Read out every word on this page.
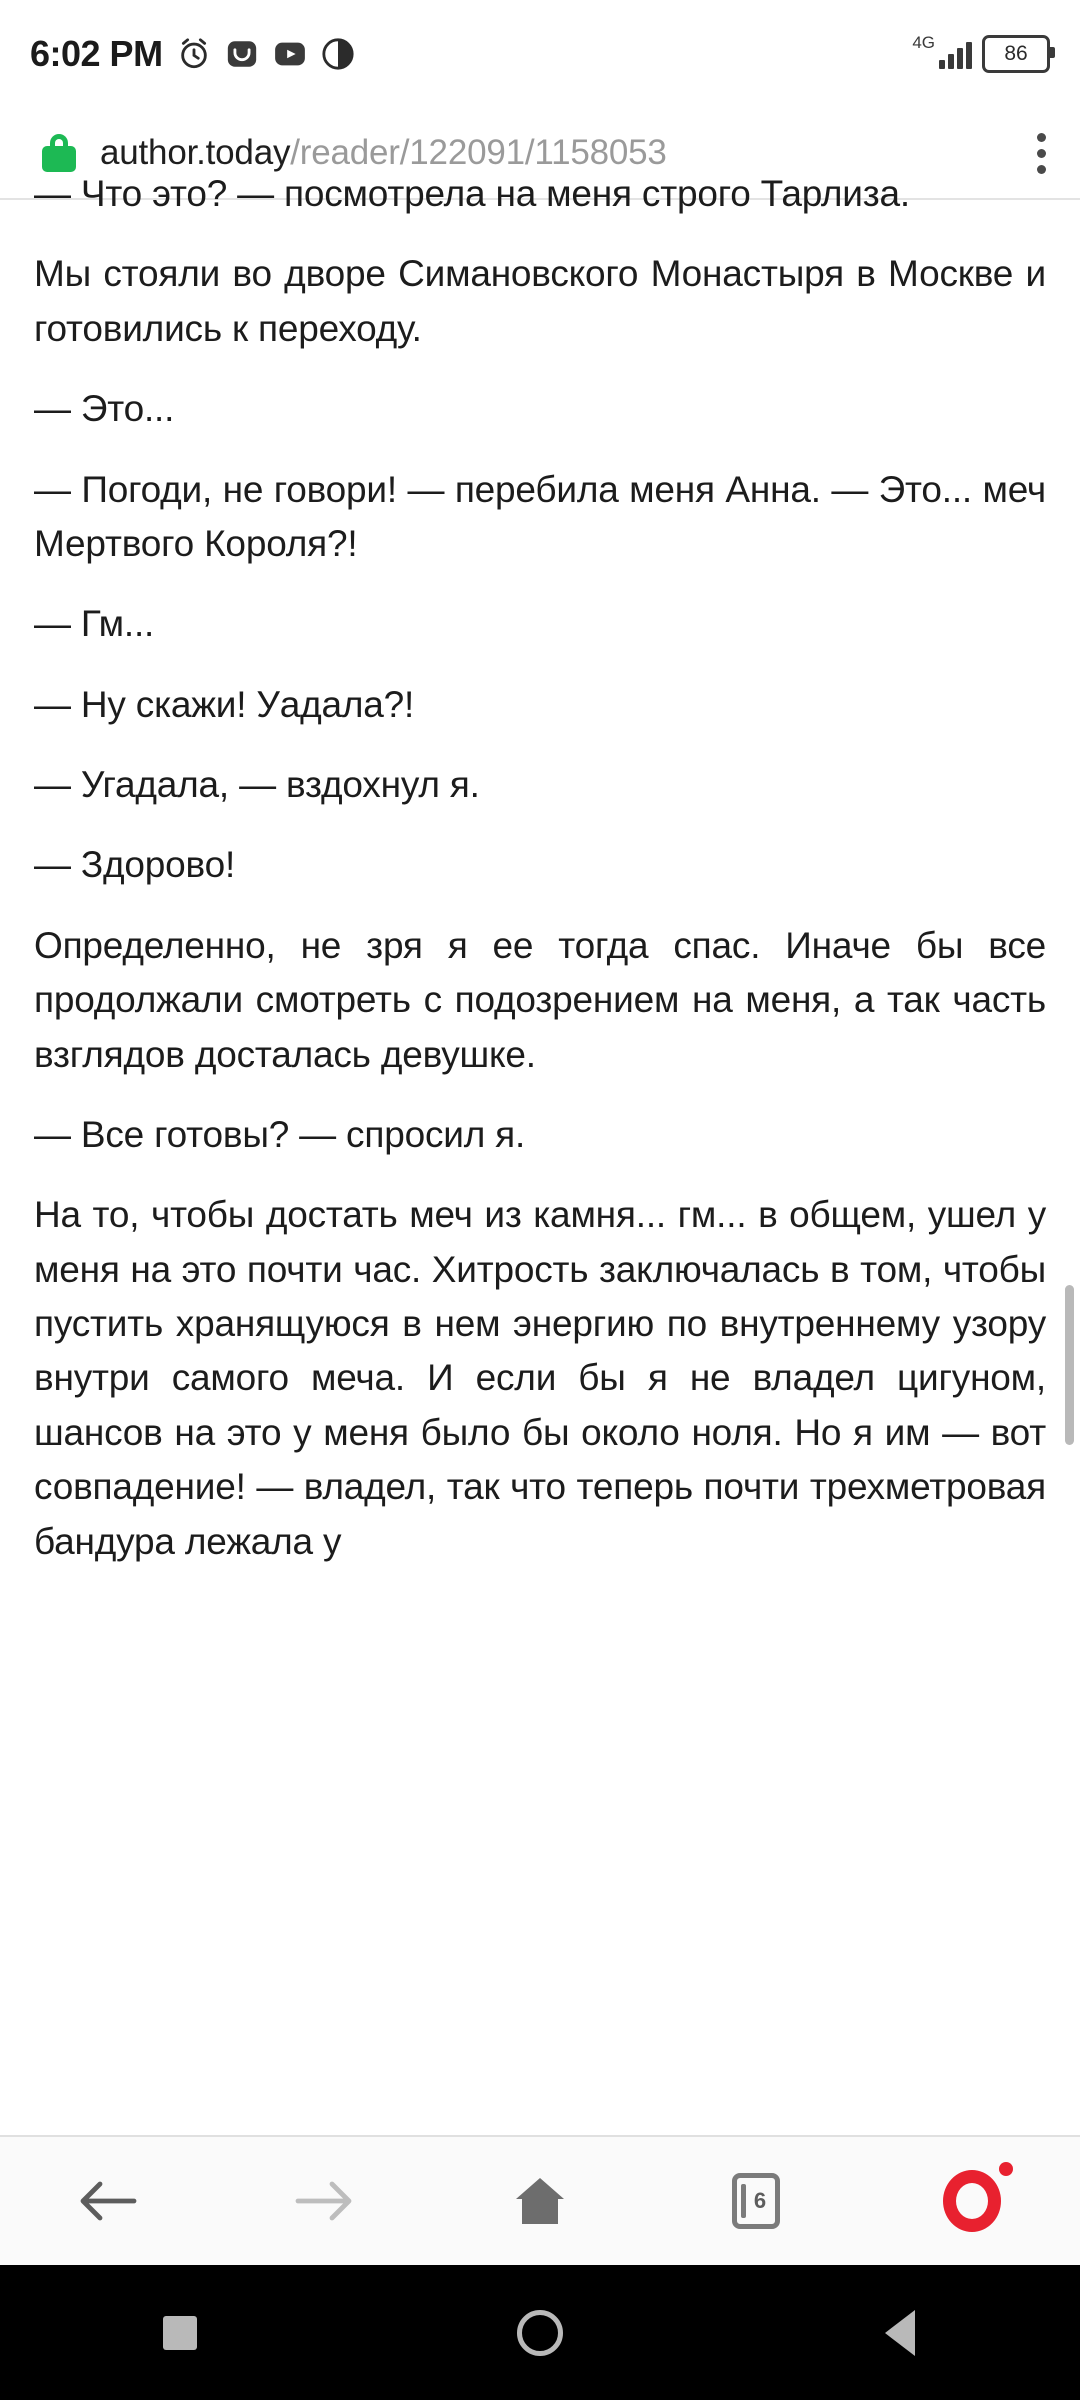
6:02 PM	4G	86
author.today/reader/122091/1158053

— Что это? — посмотрела на меня строго Тарлиза.

Мы стояли во дворе Симановского Монастыря в Москве и готовились к переходу.

— Это...

— Погоди, не говори! — перебила меня Анна. — Это... меч Мертвого Короля?!

— Гм...

— Ну скажи! Уадала?!

— Угадала, — вздохнул я.

— Здорово!

Определенно, не зря я ее тогда спас. Иначе бы все продолжали смотреть с подозрением на меня, а так часть взглядов досталась девушке.

— Все готовы? — спросил я.

На то, чтобы достать меч из камня... гм... в общем, ушел у меня на это почти час. Хитрость заключалась в том, чтобы пустить хранящуюся в нем энергию по внутреннему узору внутри самого меча. И если бы я не владел цигуном, шансов на это у меня было бы около ноля. Но я им — вот совпадение! — владел, так что теперь почти трехметровая бандура лежала у

6
